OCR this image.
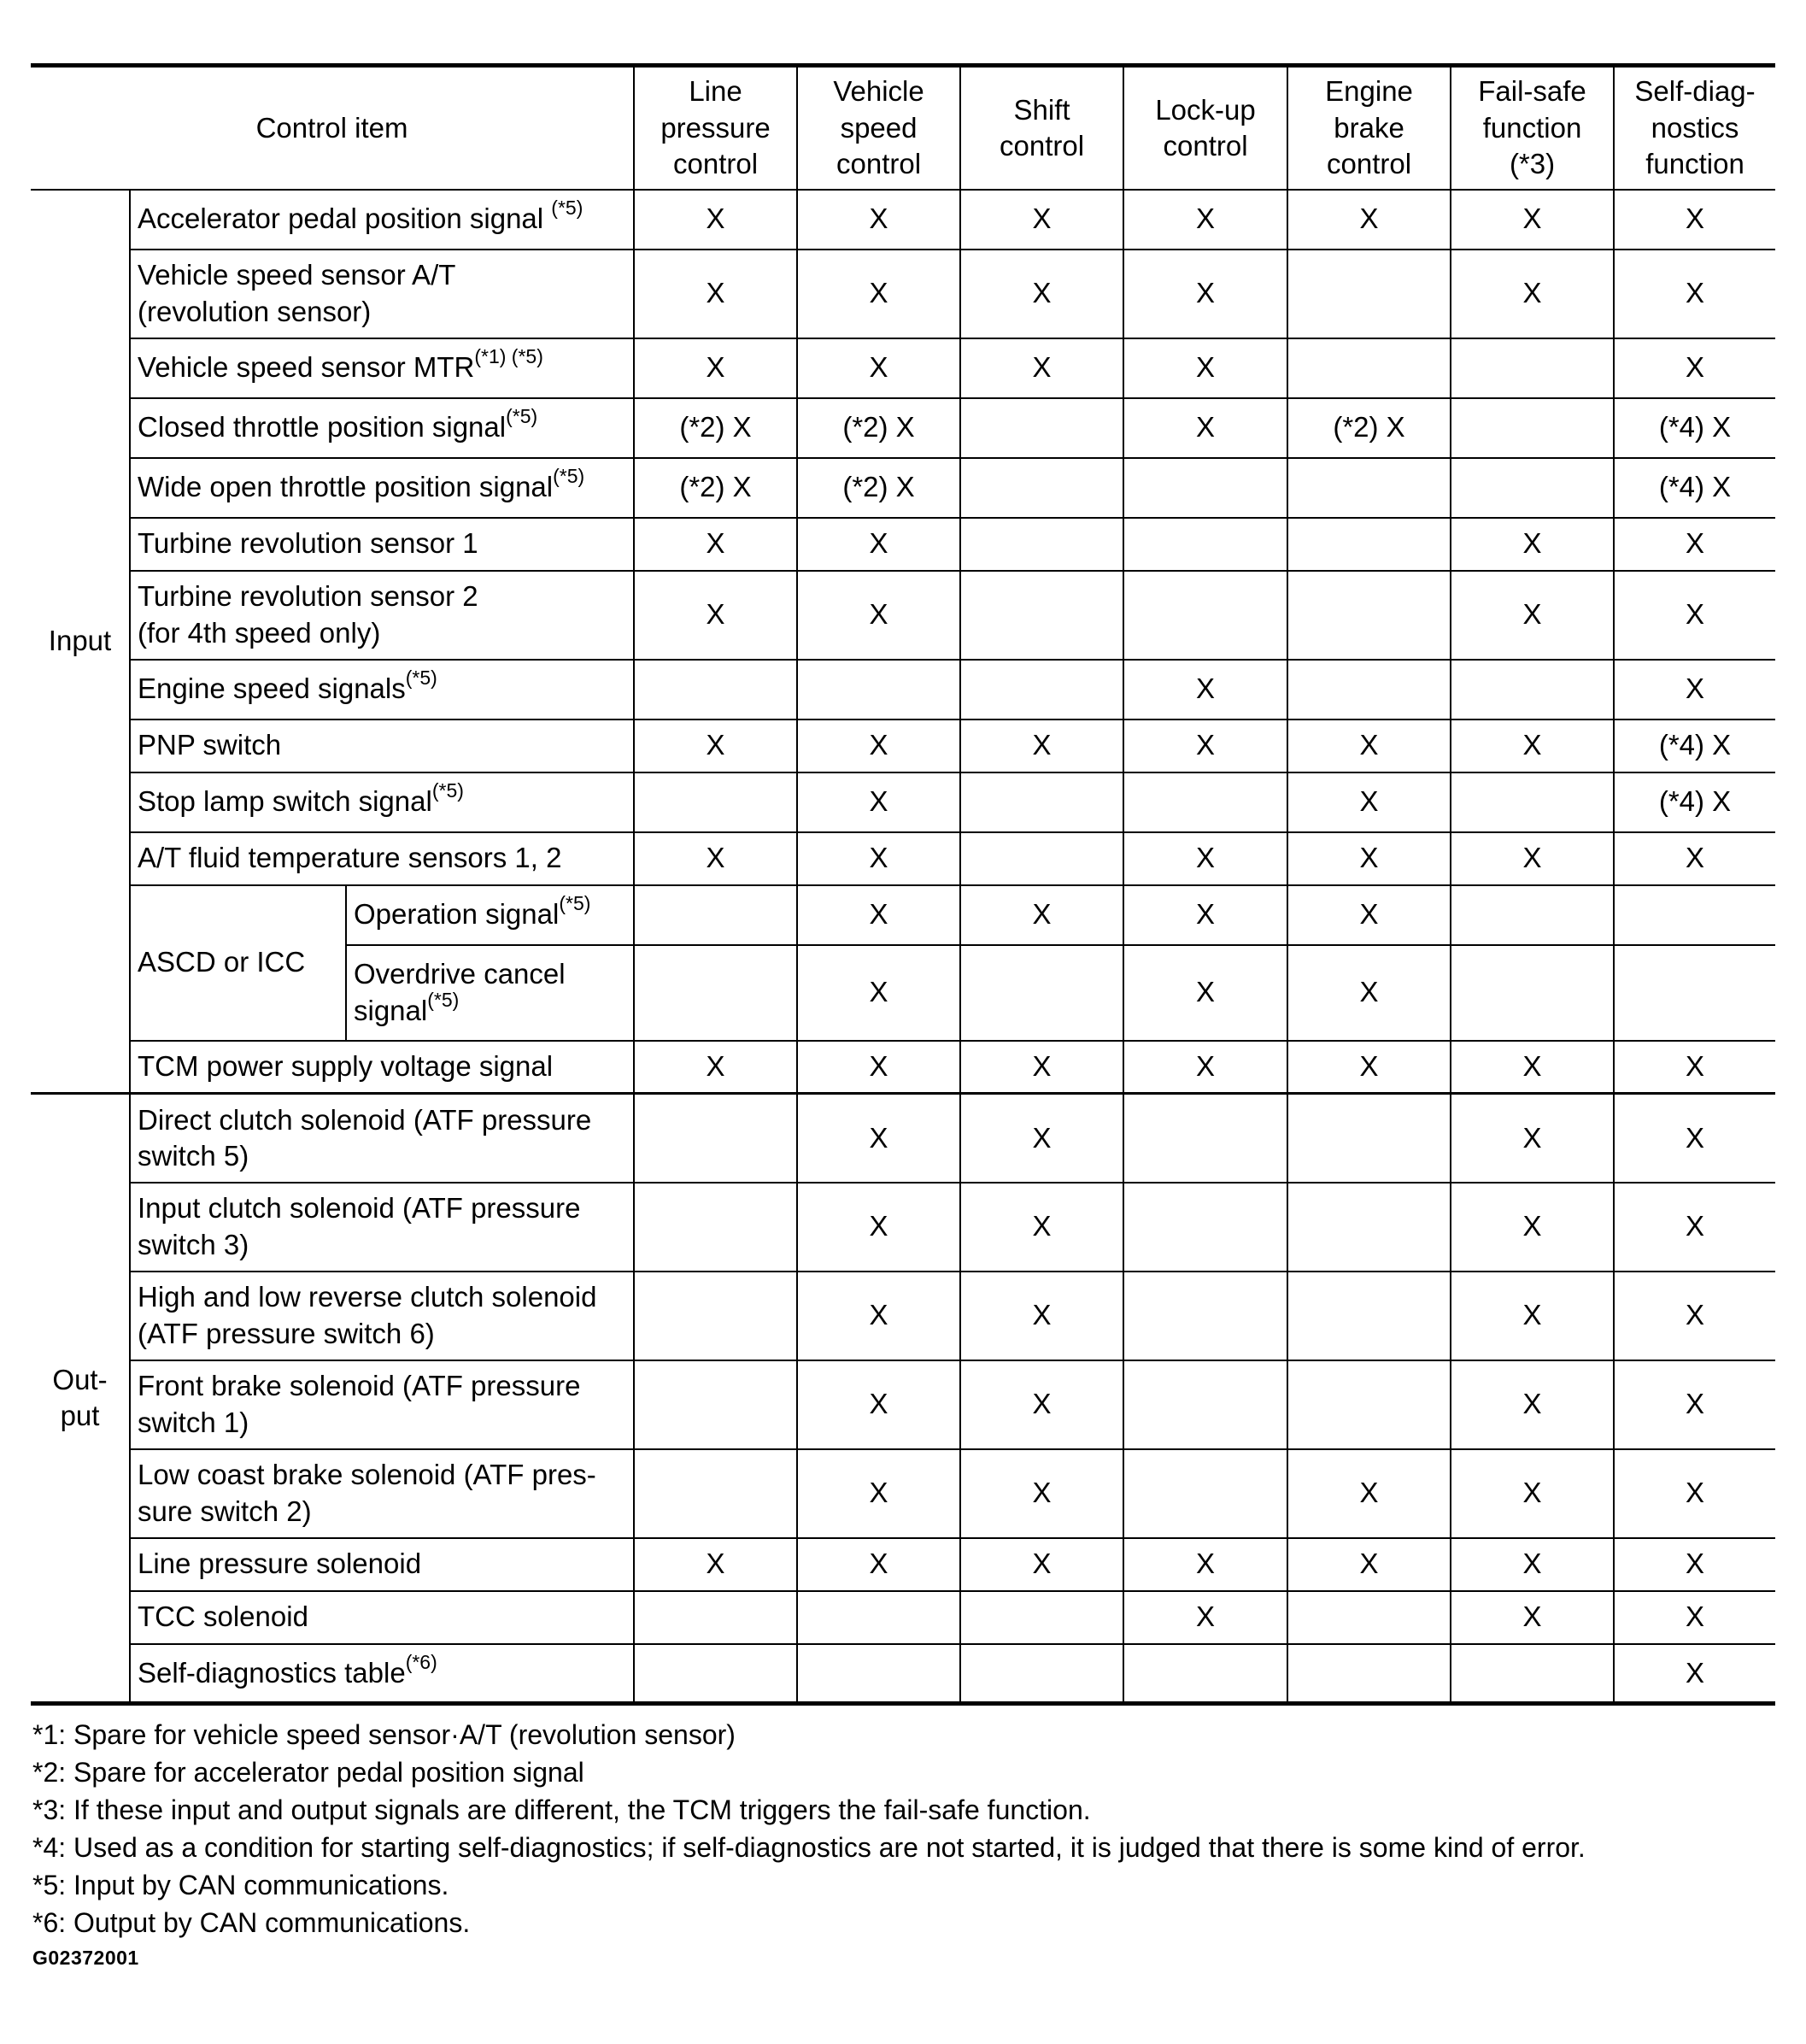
Control item			Line
pressure
control	Vehicle
speed
control	Shift
control	Lock-up
control	Engine
brake
control	Fail-safe
function
(*3)	Self-diag-
nostics
function

Input	Accelerator pedal position signal $^{(*5)}$		X	X	X	X	X	X	X

	Vehicle speed sensor A/T
(revolution sensor)		X	X	X	X		X	X

	Vehicle speed sensor $MTR^{(*1) (*5)}$		X	X	X	X			X

	Closed throttle position signal$^{(*5)}$		(*2) X	(*2) X		X	(*2) X		(*4) X

	Wide open throttle position signal$^{(*5)}$		(*2) X	(*2) X					(*4) X

	Turbine revolution sensor 1		X	X				X	X

	Turbine revolution sensor 2
(for 4th speed only)		X	X				X	X

	Engine speed signals$^{(*5)}$					X			X

	PNP switch		X	X	X	X	X	X	(*4) X

	Stop lamp switch signal$^{(*5)}$			X			X		(*4) X

	A/T fluid temperature sensors 1, 2		X	X		X	X	X	X
	ASCD or ICC	Operation signal$^{(*5)}$		X	X	X	X		

		Overdrive cancel
signal$^{(*5)}$		X		X	X		

	TCM power supply voltage signal		X	X	X	X	X	X	X

Out-
put	Direct clutch solenoid (ATF pressure
switch 5)			X	X			X	X

	Input clutch solenoid (ATF pressure
switch 3)			X	X			X	X

	High and low reverse clutch solenoid
(ATF pressure switch 6)			X	X			X	X

	Front brake solenoid (ATF pressure
switch 1)			X	X			X	X

	Low coast brake solenoid (ATF pres-
sure switch 2)			X	X		X	X	X

	Line pressure solenoid		X	X	X	X	X	X	X

	TCC solenoid					X		X	X

	Self-diagnostics table$^{(*6)}$								X
*1: Spare for vehicle speed sensor·A/T (revolution sensor)
*2: Spare for accelerator pedal position signal
*3: If these input and output signals are different, the TCM triggers the fail-safe function.
*4: Used as a condition for starting self-diagnostics; if self-diagnostics are not started, it is judged that there is some kind of error.
*5: Input by CAN communications.
*6: Output by CAN communications.
G02372001
